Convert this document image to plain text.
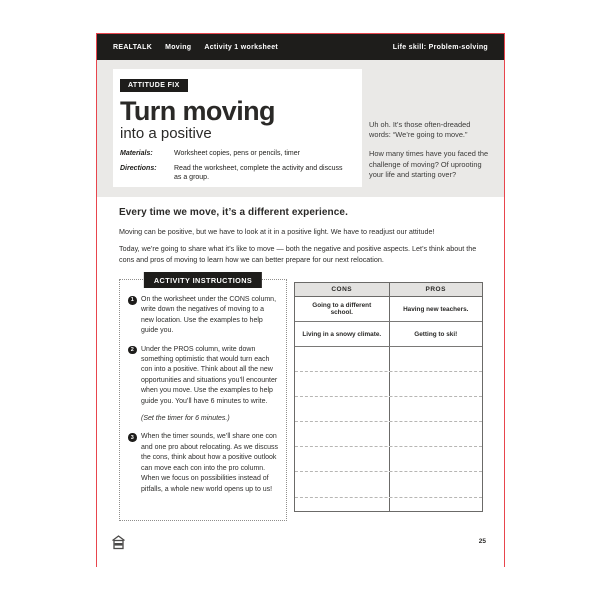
REALTALK Moving Activity 1 worksheet	Life skill: Problem-solving
ATTITUDE FIX
Turn moving
into a positive
Materials:	Worksheet copies, pens or pencils, timer
Directions:	Read the worksheet, complete the activity and discuss as a group.

Uh oh. It’s those often-dreaded words: “We’re going to move.”

How many times have you faced the challenge of moving? Of uprooting your life and starting over?

Every time we move, it’s a different experience.

Moving can be positive, but we have to look at it in a positive light. We have to readjust our attitude!

Today, we’re going to share what it’s like to move — both the negative and positive aspects. Let’s think about the cons and pros of moving to learn how we can better prepare for our next relocation.

ACTIVITY INSTRUCTIONS
1	On the worksheet under the CONS column, write down the negatives of moving to a new location. Use the examples to help guide you.
2	Under the PROS column, write down something optimistic that would turn each con into a positive. Think about all the new opportunities and situations you’ll encounter when you move. Use the examples to help guide you. You’ll have 6 minutes to write.
(Set the timer for 6 minutes.)
3	When the timer sounds, we’ll share one con and one pro about relocating. As we discuss the cons, think about how a positive outlook can move each con into the pro column. When we focus on possibilities instead of pitfalls, a whole new world opens up to us!
CONS	PROS
Going to a different school.	Having new teachers.
Living in a snowy climate.	Getting to ski!
25
